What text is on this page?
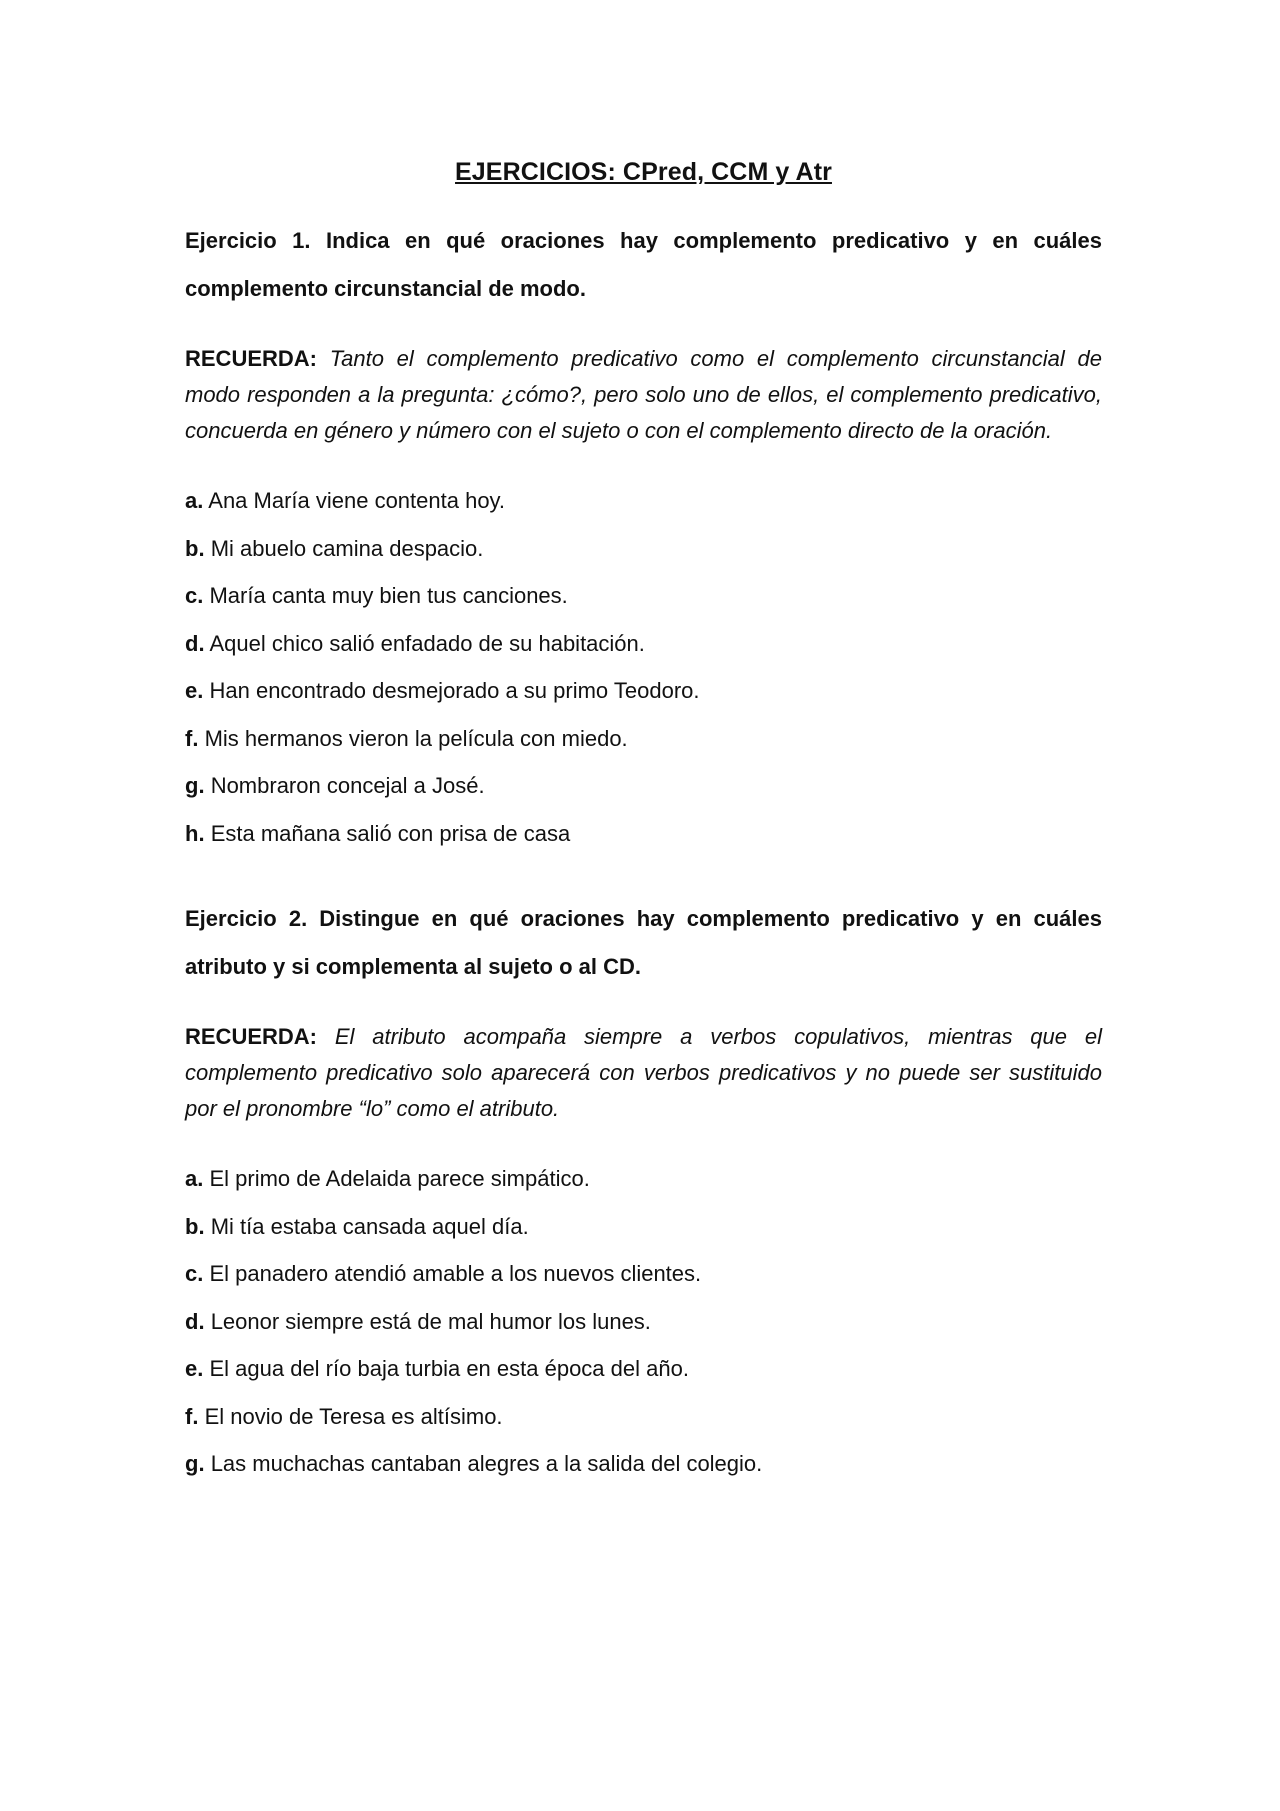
EJERCICIOS: CPred, CCM y Atr

Ejercicio 1. Indica en qué oraciones hay complemento predicativo y en cuáles complemento circunstancial de modo.

RECUERDA: Tanto el complemento predicativo como el complemento circunstancial de modo responden a la pregunta: ¿cómo?, pero solo uno de ellos, el complemento predicativo, concuerda en género y número con el sujeto o con el complemento directo de la oración.

a. Ana María viene contenta hoy.
b. Mi abuelo camina despacio.
c. María canta muy bien tus canciones.
d. Aquel chico salió enfadado de su habitación.
e. Han encontrado desmejorado a su primo Teodoro.
f. Mis hermanos vieron la película con miedo.
g. Nombraron concejal a José.
h. Esta mañana salió con prisa de casa

Ejercicio 2. Distingue en qué oraciones hay complemento predicativo y en cuáles atributo y si complementa al sujeto o al CD.

RECUERDA: El atributo acompaña siempre a verbos copulativos, mientras que el complemento predicativo solo aparecerá con verbos predicativos y no puede ser sustituido por el pronombre “lo” como el atributo.

a. El primo de Adelaida parece simpático.
b. Mi tía estaba cansada aquel día.
c. El panadero atendió amable a los nuevos clientes.
d. Leonor siempre está de mal humor los lunes.
e. El agua del río baja turbia en esta época del año.
f. El novio de Teresa es altísimo.
g. Las muchachas cantaban alegres a la salida del colegio.
